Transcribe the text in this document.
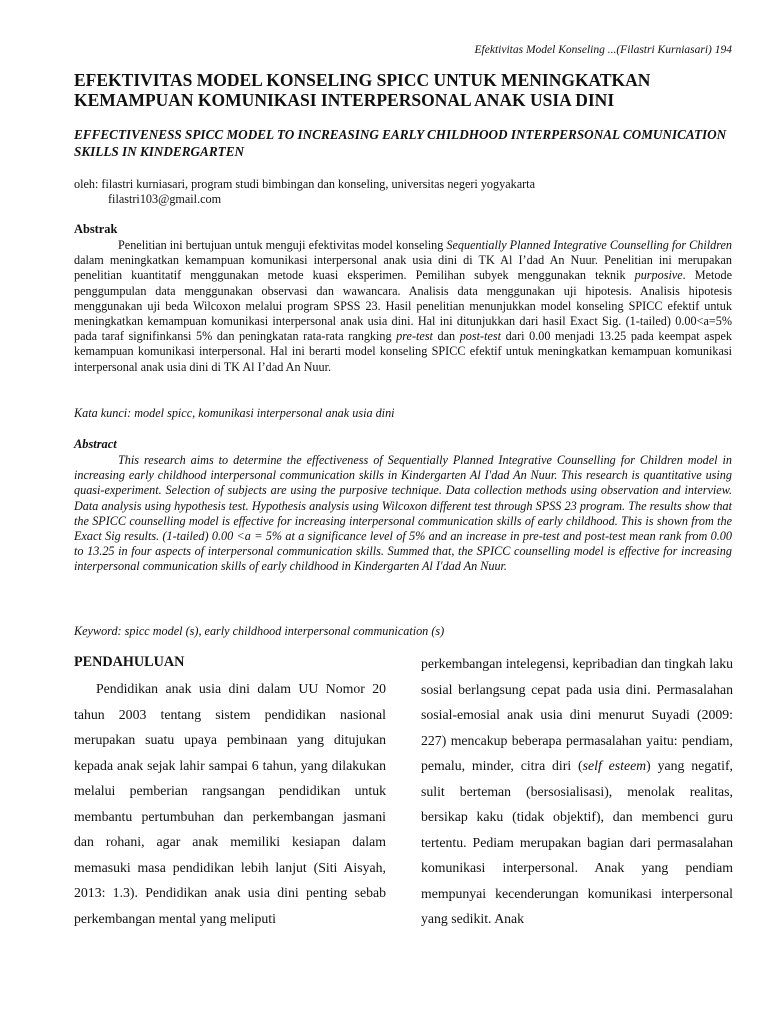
Efektivitas Model Konseling ...(Filastri Kurniasari) 194
EFEKTIVITAS MODEL KONSELING SPICC UNTUK MENINGKATKAN KEMAMPUAN KOMUNIKASI INTERPERSONAL ANAK USIA DINI
EFFECTIVENESS SPICC MODEL TO INCREASING EARLY CHILDHOOD INTERPERSONAL COMUNICATION SKILLS IN KINDERGARTEN
oleh: filastri kurniasari, program studi bimbingan dan konseling, universitas negeri yogyakarta
filastri103@gmail.com
Abstrak

Penelitian ini bertujuan untuk menguji efektivitas model konseling Sequentially Planned Integrative Counselling for Children dalam meningkatkan kemampuan komunikasi interpersonal anak usia dini di TK Al I’dad An Nuur. Penelitian ini merupakan penelitian kuantitatif menggunakan metode kuasi eksperimen. Pemilihan subyek menggunakan teknik purposive. Metode penggumpulan data menggunakan observasi dan wawancara. Analisis data menggunakan uji hipotesis. Analisis hipotesis menggunakan uji beda Wilcoxon melalui program SPSS 23. Hasil penelitian menunjukkan model konseling SPICC efektif untuk meningkatkan kemampuan komunikasi interpersonal anak usia dini. Hal ini ditunjukkan dari hasil Exact Sig. (1-tailed) 0.00<a=5% pada taraf signifinkansi 5% dan peningkatan rata-rata rangking pre-test dan post-test dari 0.00 menjadi 13.25 pada keempat aspek kemampuan komunikasi interpersonal. Hal ini berarti model konseling SPICC efektif untuk meningkatkan kemampuan komunikasi interpersonal anak usia dini di TK Al I’dad An Nuur.

Kata kunci: model spicc, komunikasi interpersonal anak usia dini
Abstract

This research aims to determine the effectiveness of Sequentially Planned Integrative Counselling for Children model in increasing early childhood interpersonal communication skills in Kindergarten Al I'dad An Nuur. This research is quantitative using quasi-experiment. Selection of subjects are using the purposive technique. Data collection methods using observation and interview. Data analysis using hypothesis test. Hypothesis analysis using Wilcoxon different test through SPSS 23 program. The results show that the SPICC counselling model is effective for increasing interpersonal communication skills of early childhood. This is shown from the Exact Sig results. (1-tailed) 0.00 <a = 5% at a significance level of 5% and an increase in pre-test and post-test mean rank from 0.00 to 13.25 in four aspects of interpersonal communication skills. Summed that, the SPICC counselling model is effective for increasing interpersonal communication skills of early childhood in Kindergarten Al I'dad An Nuur.

Keyword: spicc model (s), early childhood interpersonal communication (s)
PENDAHULUAN

Pendidikan anak usia dini dalam UU Nomor 20 tahun 2003 tentang sistem pendidikan nasional merupakan suatu upaya pembinaan yang ditujukan kepada anak sejak lahir sampai 6 tahun, yang dilakukan melalui pemberian rangsangan pendidikan untuk membantu pertumbuhan dan perkembangan jasmani dan rohani, agar anak memiliki kesiapan dalam memasuki masa pendidikan lebih lanjut (Siti Aisyah, 2013: 1.3). Pendidikan anak usia dini penting sebab perkembangan mental yang meliputi

perkembangan intelegensi, kepribadian dan tingkah laku sosial berlangsung cepat pada usia dini. Permasalahan sosial-emosial anak usia dini menurut Suyadi (2009: 227) mencakup beberapa permasalahan yaitu: pendiam, pemalu, minder, citra diri (self esteem) yang negatif, sulit berteman (bersosialisasi), menolak realitas, bersikap kaku (tidak objektif), dan membenci guru tertentu. Pediam merupakan bagian dari permasalahan komunikasi interpersonal. Anak yang pendiam mempunyai kecenderungan komunikasi interpersonal yang sedikit. Anak
